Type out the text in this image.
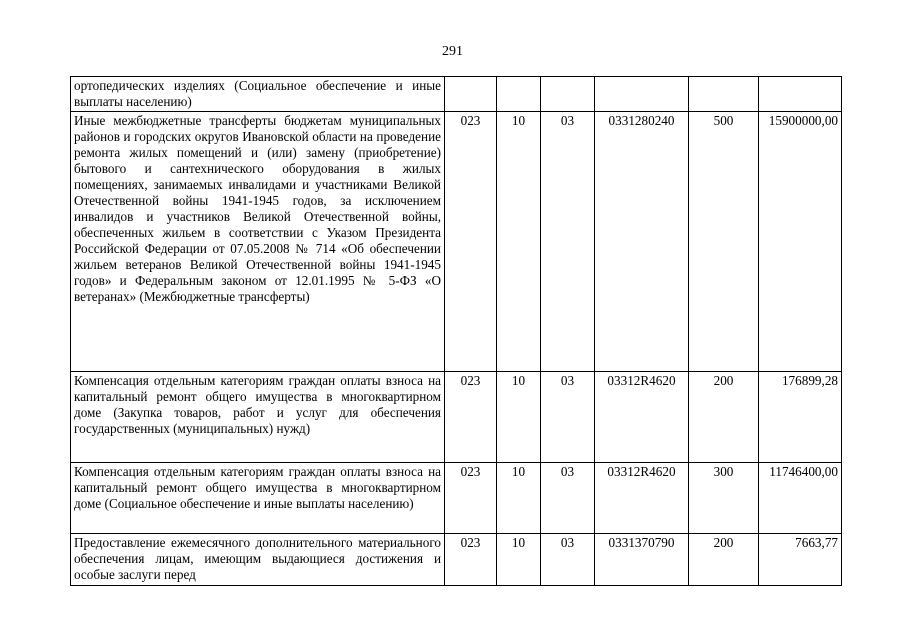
291
ортопедических изделиях (Социальное обеспечение и иные выплаты населению)						
Иные межбюджетные трансферты бюджетам муниципальных районов и городских округов Ивановской области на проведение ремонта жилых помещений и (или) замену (приобретение) бытового и сантехнического оборудования в жилых помещениях, занимаемых инвалидами и участниками Великой Отечественной войны 1941-1945 годов, за исключением инвалидов и участников Великой Отечественной войны, обеспеченных жильем в соответствии с Указом Президента Российской Федерации от 07.05.2008 № 714 «Об обеспечении жильем ветеранов Великой Отечественной войны 1941-1945 годов» и Федеральным законом от 12.01.1995 № 5-ФЗ «О ветеранах» (Межбюджетные трансферты)	023	10	03	0331280240	500	15900000,00
Компенсация отдельным категориям граждан оплаты взноса на капитальный ремонт общего имущества в многоквартирном доме (Закупка товаров, работ и услуг для обеспечения государственных (муниципальных) нужд)	023	10	03	03312R4620	200	176899,28
Компенсация отдельным категориям граждан оплаты взноса на капитальный ремонт общего имущества в многоквартирном доме (Социальное обеспечение и иные выплаты населению)	023	10	03	03312R4620	300	11746400,00
Предоставление ежемесячного дополнительного материального обеспечения лицам, имеющим выдающиеся достижения и особые заслуги перед	023	10	03	0331370790	200	7663,77
